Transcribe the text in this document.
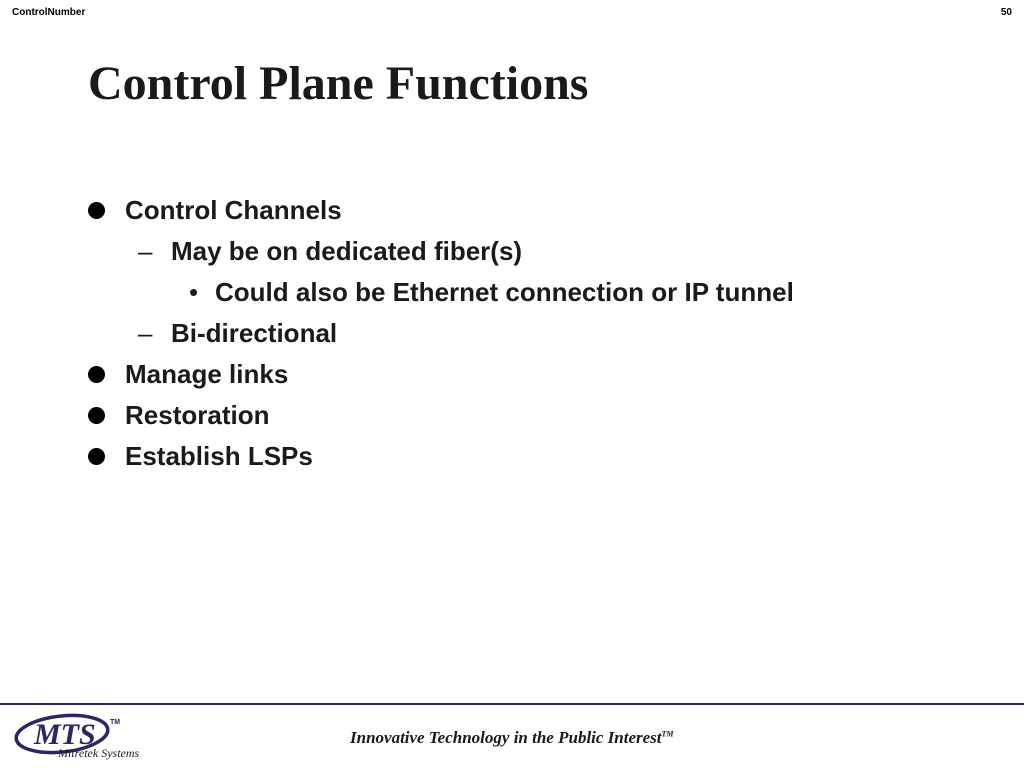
ControlNumber	50
Control Plane Functions
Control Channels
– May be on dedicated fiber(s)
• Could also be Ethernet connection or IP tunnel
– Bi-directional
Manage links
Restoration
Establish LSPs
MTS TM
Mitretek Systems
Innovative Technology in the Public Interest™
